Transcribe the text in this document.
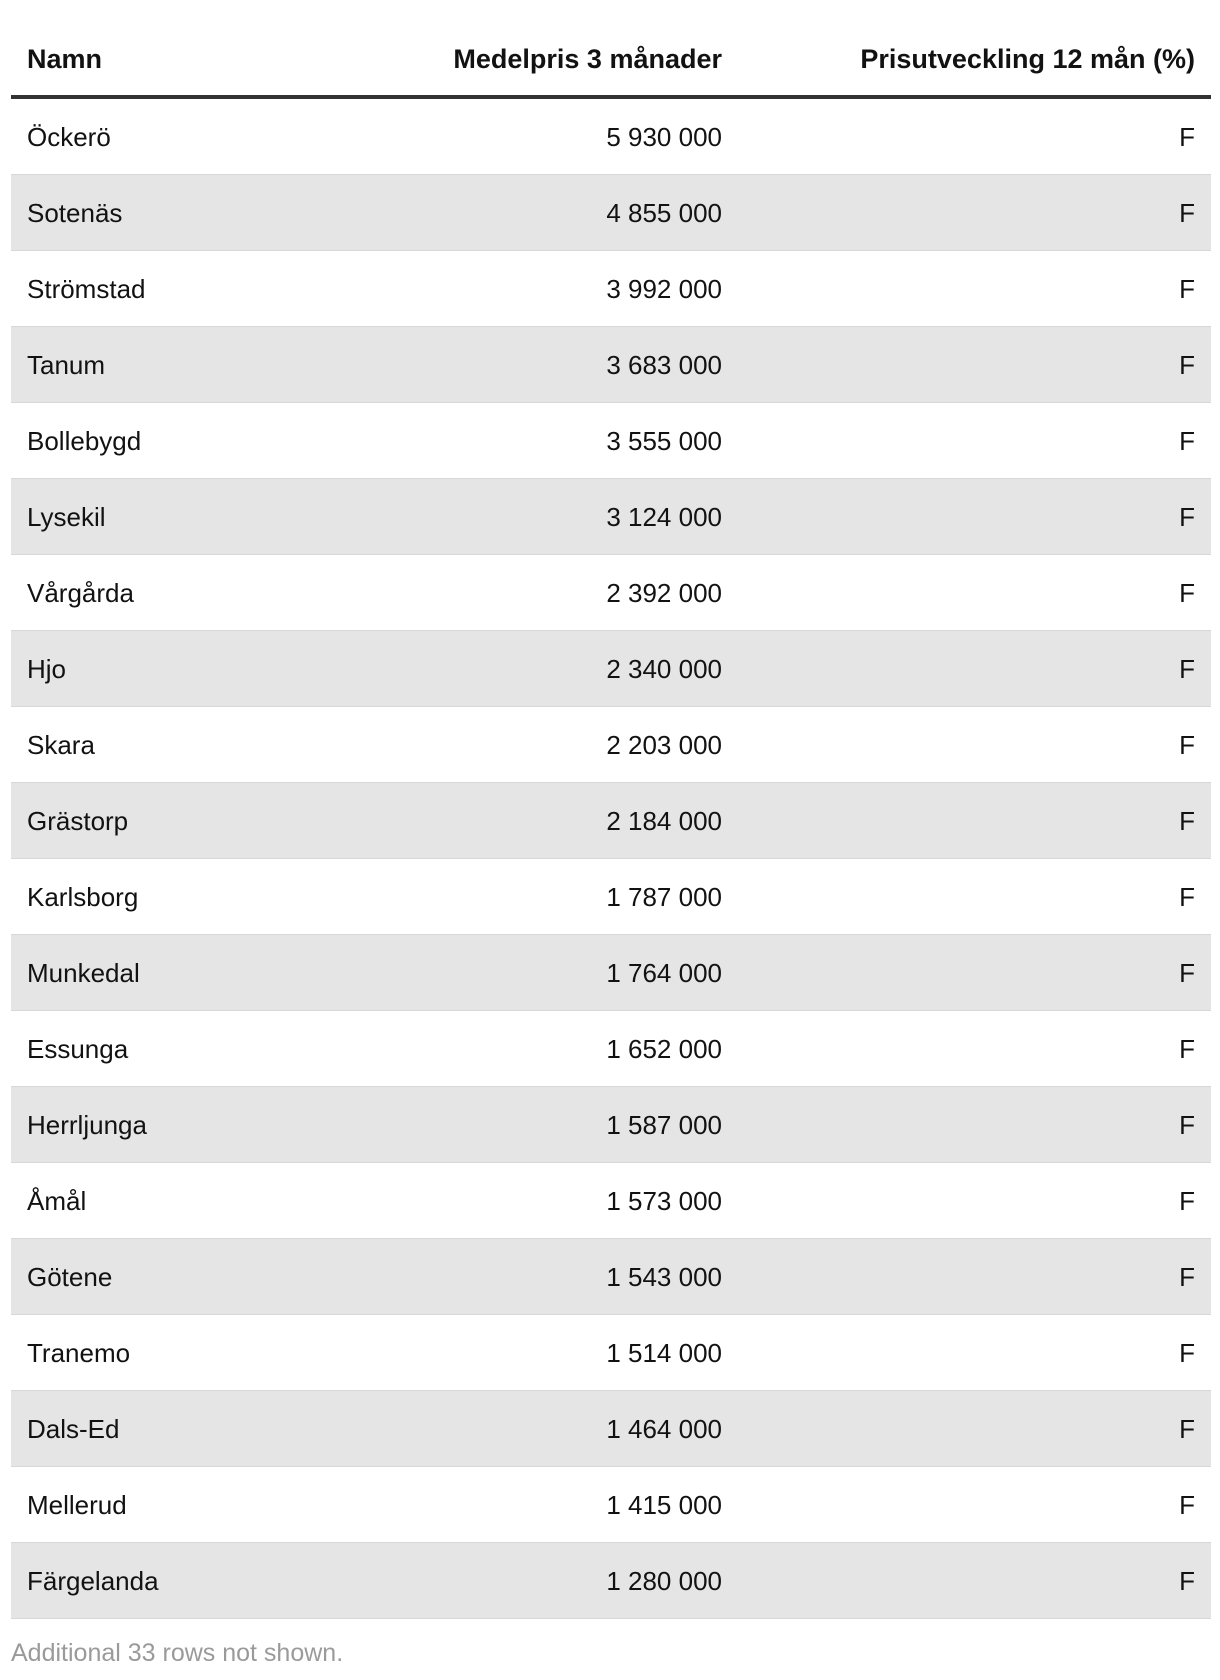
Namn	Medelpris 3 månader	Prisutveckling 12 mån (%)
Öckerö	5 930 000	F
Sotenäs	4 855 000	F
Strömstad	3 992 000	F
Tanum	3 683 000	F
Bollebygd	3 555 000	F
Lysekil	3 124 000	F
Vårgårda	2 392 000	F
Hjo	2 340 000	F
Skara	2 203 000	F
Grästorp	2 184 000	F
Karlsborg	1 787 000	F
Munkedal	1 764 000	F
Essunga	1 652 000	F
Herrljunga	1 587 000	F
Åmål	1 573 000	F
Götene	1 543 000	F
Tranemo	1 514 000	F
Dals-Ed	1 464 000	F
Mellerud	1 415 000	F
Färgelanda	1 280 000	F
Additional 33 rows not shown.
